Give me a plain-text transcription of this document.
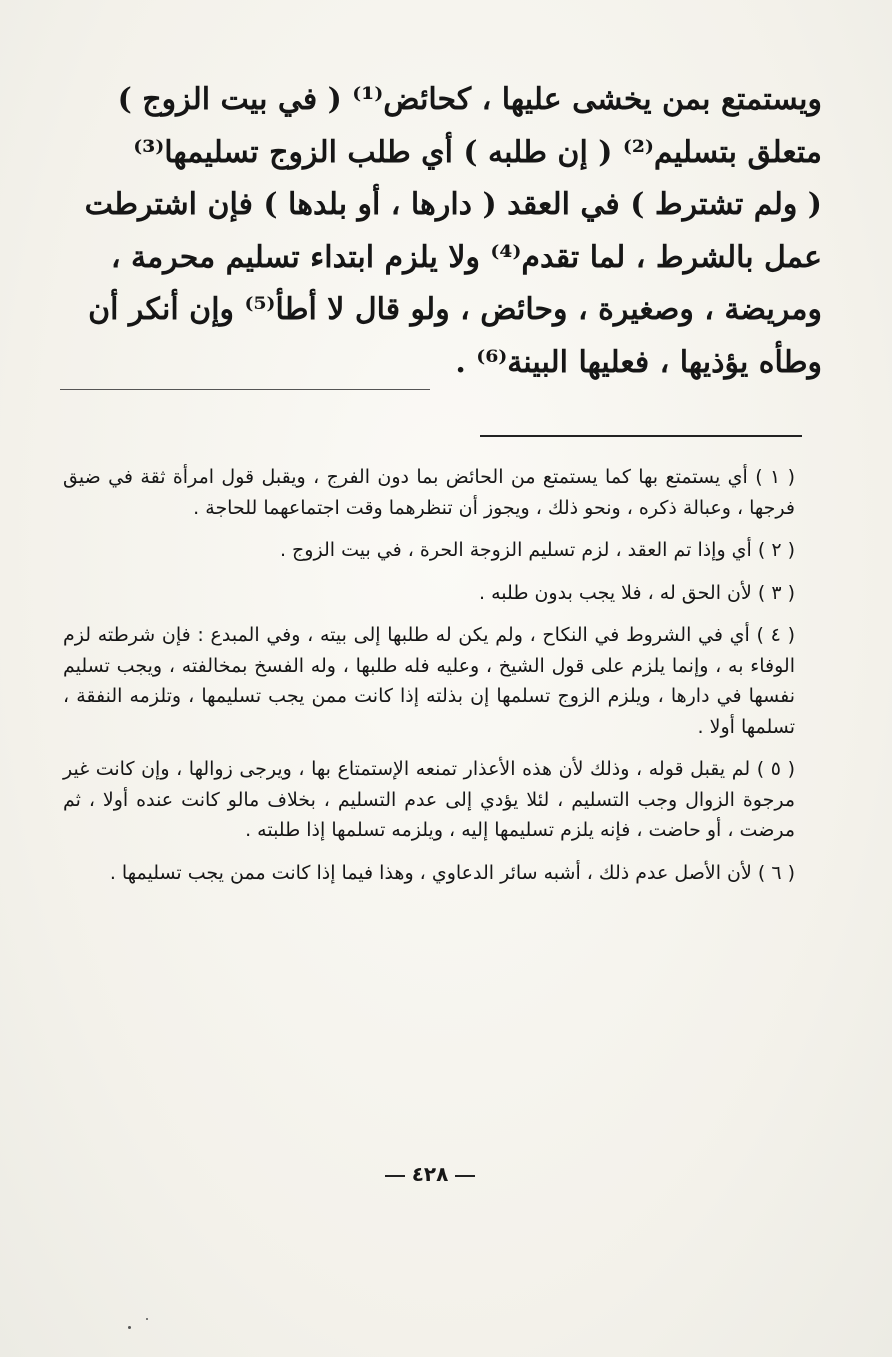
ويستمتع بمن يخشى عليها ، كحائض⁽¹⁾ ( في بيت الزوج )
متعلق بتسليم⁽²⁾ ( إن طلبه ) أي طلب الزوج تسليمها⁽³⁾
( ولم تشترط ) في العقد ( دارها ، أو بلدها ) فإن اشترطت
عمل بالشرط ، لما تقدم⁽⁴⁾ ولا يلزم ابتداء تسليم محرمة ،
ومريضة ، وصغيرة ، وحائض ، ولو قال لا أطأ⁽⁵⁾ وإن أنكر أن
وطأه يؤذيها ، فعليها البينة⁽⁶⁾ .

( ١ ) أي يستمتع بها كما يستمتع من الحائض بما دون الفرج ، ويقبل قول امرأة ثقة في ضيق فرجها ، وعبالة ذكره ، ونحو ذلك ، ويجوز أن تنظرهما وقت اجتماعهما للحاجة .

( ٢ ) أي وإذا تم العقد ، لزم تسليم الزوجة الحرة ، في بيت الزوج .

( ٣ ) لأن الحق له ، فلا يجب بدون طلبه .

( ٤ ) أي في الشروط في النكاح ، ولم يكن له طلبها إلى بيته ، وفي المبدع : فإن شرطته لزم الوفاء به ، وإنما يلزم على قول الشيخ ، وعليه فله طلبها ، وله الفسخ بمخالفته ، ويجب تسليم نفسها في دارها ، ويلزم الزوج تسلمها إن بذلته إذا كانت ممن يجب تسليمها ، وتلزمه النفقة ، تسلمها أولا .

( ٥ ) لم يقبل قوله ، وذلك لأن هذه الأعذار تمنعه الإستمتاع بها ، ويرجى زوالها ، وإن كانت غير مرجوة الزوال وجب التسليم ، لئلا يؤدي إلى عدم التسليم ، بخلاف مالو كانت عنده أولا ، ثم مرضت ، أو حاضت ، فإنه يلزم تسليمها إليه ، ويلزمه تسلمها إذا طلبته .

( ٦ ) لأن الأصل عدم ذلك ، أشبه سائر الدعاوي ، وهذا فيما إذا كانت ممن يجب تسليمها .

٤٢٨
